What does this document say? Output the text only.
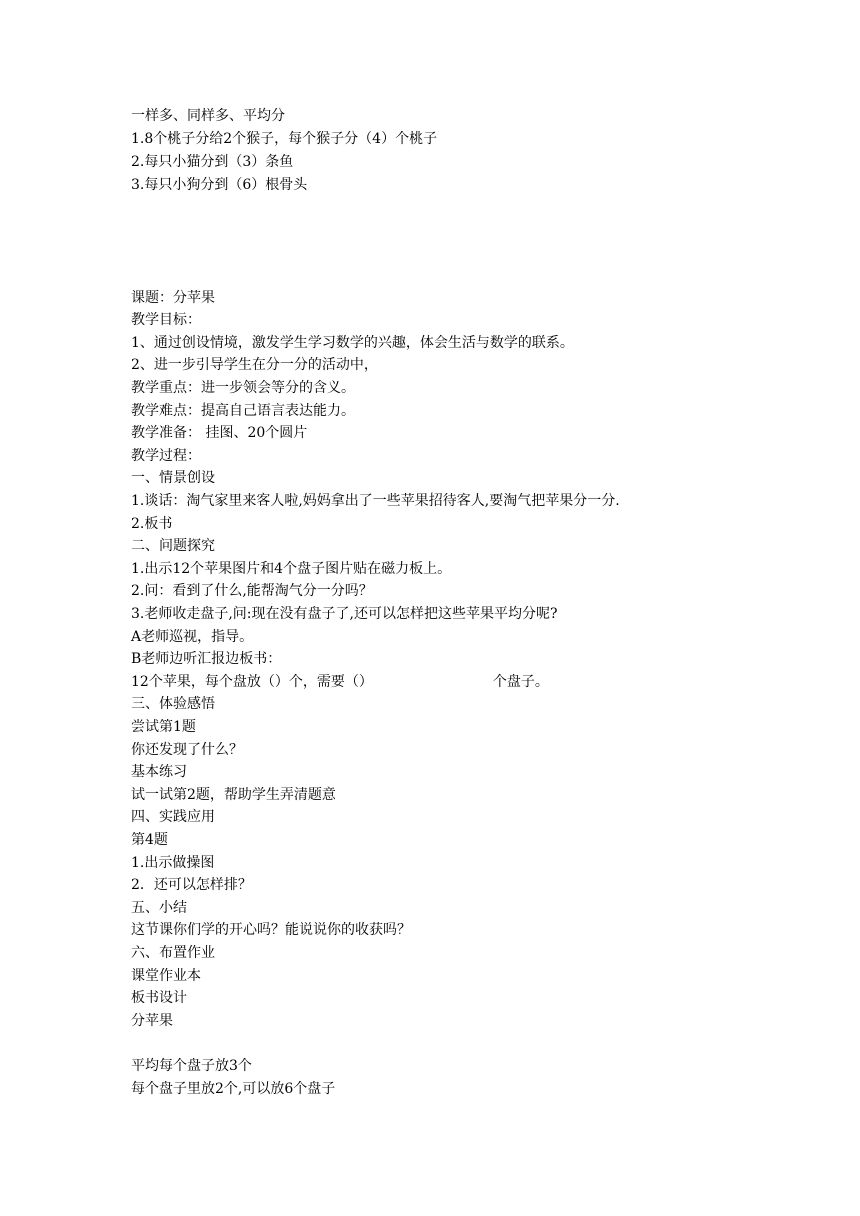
一样多、同样多、平均分
1.8个桃子分给2个猴子，每个猴子分（4）个桃子
2.每只小猫分到（3）条鱼
3.每只小狗分到（6）根骨头
课题：分苹果
教学目标：
1、通过创设情境，激发学生学习数学的兴趣，体会生活与数学的联系。
2、进一步引导学生在分一分的活动中，
教学重点：进一步领会等分的含义。
教学难点：提高自己语言表达能力。
教学准备： 挂图、20个圆片
教学过程：
一、情景创设
1.谈话：淘气家里来客人啦,妈妈拿出了一些苹果招待客人,要淘气把苹果分一分.
2.板书
二、问题探究
1.出示12个苹果图片和4个盘子图片贴在磁力板上。
2.问：看到了什么,能帮淘气分一分吗？
3.老师收走盘子,问:现在没有盘子了,还可以怎样把这些苹果平均分呢?
A老师巡视，指导。
B老师边听汇报边板书：
12个苹果，每个盘放（）个，需要（）	个盘子。
三、体验感悟
尝试第1题
你还发现了什么？
基本练习
试一试第2题，帮助学生弄清题意
四、实践应用
第4题
1.出示做操图
2．还可以怎样排？
五、小结
这节课你们学的开心吗？能说说你的收获吗？
六、布置作业
课堂作业本
板书设计
分苹果
平均每个盘子放3个
每个盘子里放2个,可以放6个盘子
